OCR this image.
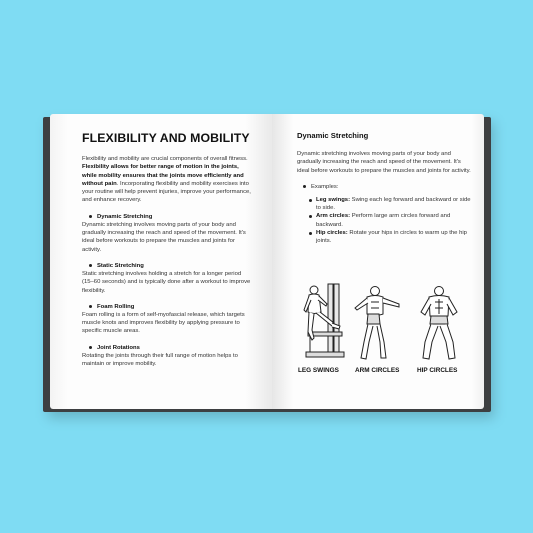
FLEXIBILITY AND MOBILITY

Flexibility and mobility are crucial components of overall fitness. Flexibility allows for better range of motion in the joints, while mobility ensures that the joints move efficiently and without pain. Incorporating flexibility and mobility exercises into your routine will help prevent injuries, improve your performance, and enhance recovery.

Dynamic Stretching

Dynamic stretching involves moving parts of your body and gradually increasing the reach and speed of the movement. It's ideal before workouts to prepare the muscles and joints for activity.

Static Stretching

Static stretching involves holding a stretch for a longer period (15–60 seconds) and is typically done after a workout to improve flexibility.

Foam Rolling

Foam rolling is a form of self-myofascial release, which targets muscle knots and improves flexibility by applying pressure to specific muscle areas.

Joint Rotations

Rotating the joints through their full range of motion helps to maintain or improve mobility.

Dynamic Stretching

Dynamic stretching involves moving parts of your body and gradually increasing the reach and speed of the movement. It's ideal before workouts to prepare the muscles and joints for activity.

Examples:
Leg swings: Swing each leg forward and backward or side to side.
Arm circles: Perform large arm circles forward and backward.
Hip circles: Rotate your hips in circles to warm up the hip joints.
LEG SWINGS	ARM CIRCLES	HIP CIRCLES
